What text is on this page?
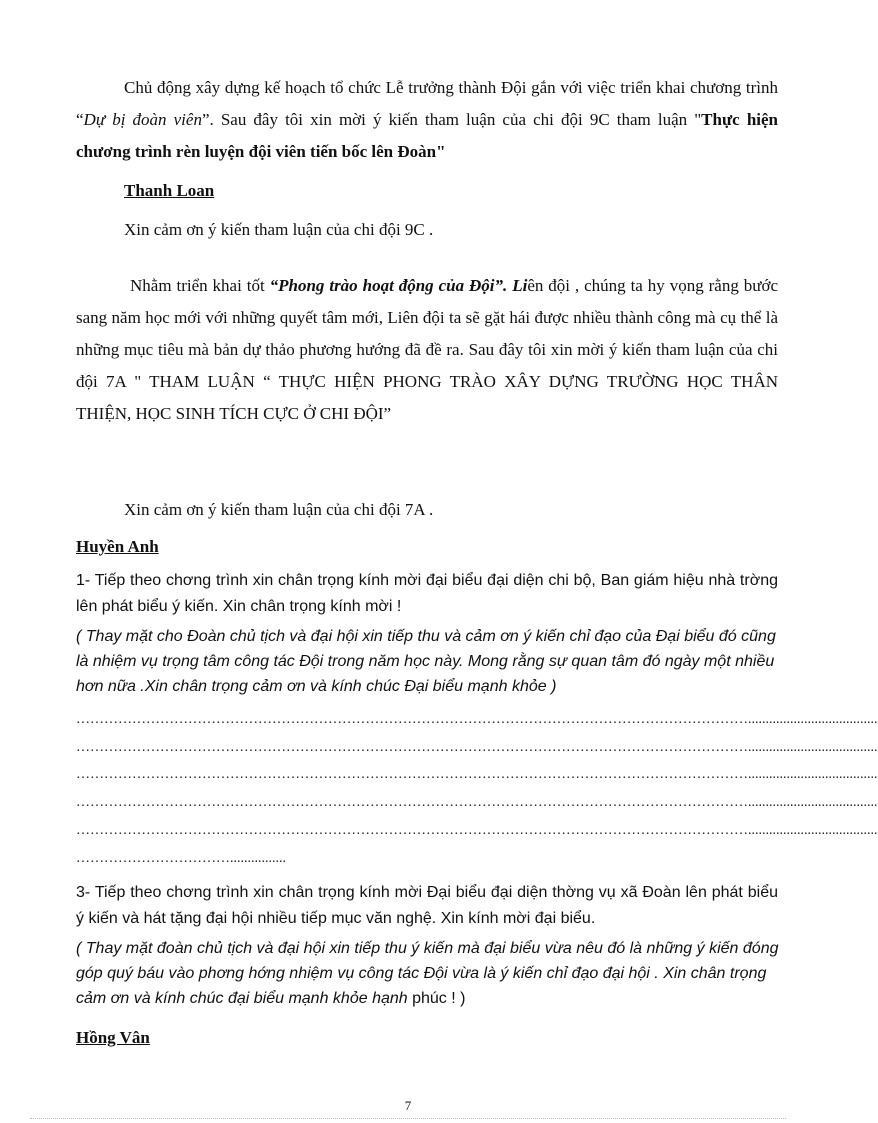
Chủ động xây dựng kế hoạch tổ chức Lễ trưởng thành Đội gắn với việc triển khai chương trình “Dự bị đoàn viên”. Sau đây tôi xin mời ý kiến tham luận của chi đội 9C tham luận "Thực hiện chương trình rèn luyện đội viên tiến bốc lên Đoàn"
Thanh Loan
Xin cảm ơn ý kiến tham luận của chi đội 9C .
Nhằm triển khai tốt “Phong trào hoạt động của Đội”. Liên đội , chúng ta hy vọng rằng bước sang năm học mới với những quyết tâm mới, Liên đội ta sẽ gặt hái được nhiều thành công mà cụ thể là những mục tiêu mà bản dự thảo phương hướng đã đề ra. Sau đây tôi xin mời ý kiến tham luận của chi đội 7A " THAM LUẬN “ THỰC HIỆN PHONG TRÀO XÂY DỰNG TRƯỜNG HỌC THÂN THIỆN, HỌC SINH TÍCH CỰC Ở CHI ĐỘI”
Xin cảm ơn ý kiến tham luận của chi đội 7A .
Huyền Anh
1- Tiếp theo chơng trình xin chân trọng kính mời đại biểu đại diện chi bộ, Ban giám hiệu nhà trờng lên phát biểu ý kiến. Xin chân trọng kính mời !
( Thay mặt cho Đoàn chủ tịch và đại hội xin tiếp thu và cảm ơn ý kiến chỉ đạo của Đại biểu đó cũng là nhiệm vụ trọng tâm công tác Đội trong năm học này. Mong rằng sự quan tâm đó ngày một nhiều hơn nữa .Xin chân trọng cảm ơn và kính chúc Đại biểu mạnh khỏe )
……………………………………………………………………………………………………………………………….....................................
……………………………………………………………………………………………………………………………….....................................
……………………………………………………………………………………………………………………………….....................................
……………………………………………………………………………………………………………………………….....................................
……………………………………………………………………………………………………………………………….....................................
……………………………................
3- Tiếp theo chơng trình xin chân trọng kính mời Đại biểu đại diện thờng vụ xã Đoàn lên phát biểu ý kiến và hát tặng đại hội nhiều tiếp mục văn nghệ. Xin kính mời đại biểu.
( Thay mặt đoàn chủ tịch và đại hội xin tiếp thu ý kiến mà đại biểu vừa nêu đó là những ý kiến đóng góp quý báu vào phơng hớng nhiệm vụ công tác Đội vừa là ý kiến chỉ đạo đại hội . Xin chân trọng cảm ơn và kính chúc đại biểu mạnh khỏe hạnh phúc ! )
Hồng Vân
7
